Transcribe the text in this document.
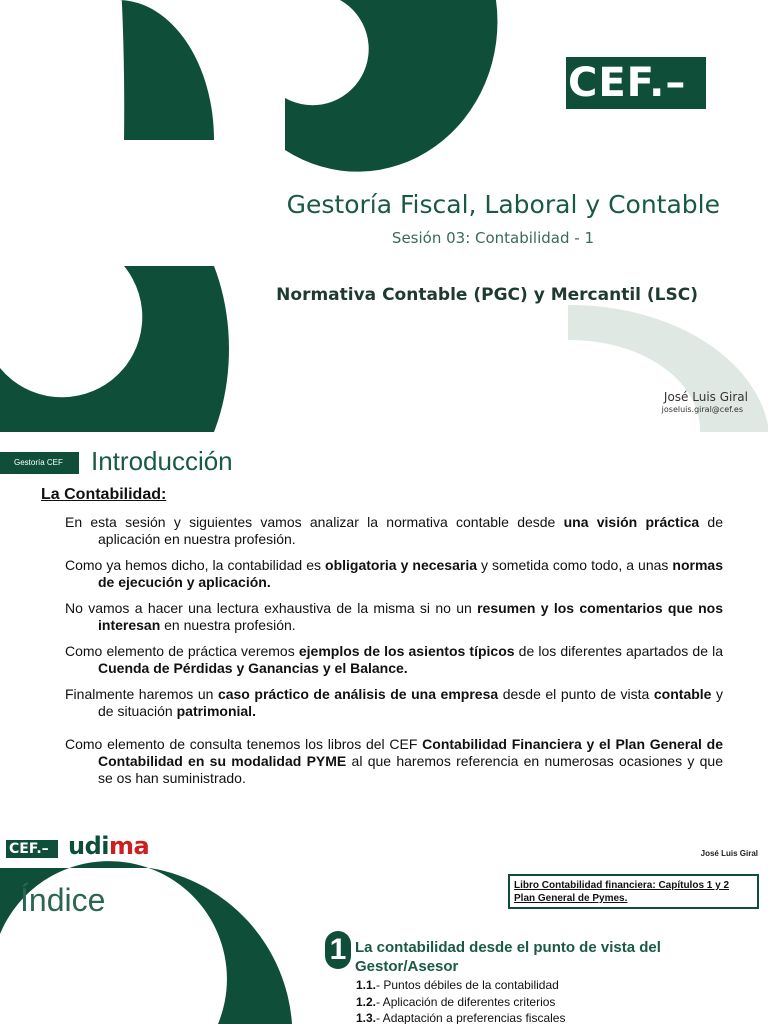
CEF.–
Gestoría Fiscal, Laboral y Contable
Sesión 03: Contabilidad - 1
Normativa Contable (PGC) y Mercantil (LSC)
José Luis Giral
joseluis.giral@cef.es
Gestoría CEF	Introducción
La Contabilidad:

En esta sesión y siguientes vamos analizar la normativa contable desde una visión práctica de aplicación en nuestra profesión.

Como ya hemos dicho, la contabilidad es obligatoria y necesaria y sometida como todo, a unas normas de ejecución y aplicación.

No vamos a hacer una lectura exhaustiva de la misma si no un resumen y los comentarios que nos interesan en nuestra profesión.

Como elemento de práctica veremos ejemplos de los asientos típicos de los diferentes apartados de la Cuenda de Pérdidas y Ganancias y el Balance.

Finalmente haremos un caso práctico de análisis de una empresa desde el punto de vista contable y de situación patrimonial.

Como elemento de consulta tenemos los libros del CEF Contabilidad Financiera y el Plan General de Contabilidad en su modalidad PYME al que haremos referencia en numerosas ocasiones y que se os han suministrado.

CEF.– udima	José Luis Giral
Índice	Libro Contabilidad financiera: Capítulos 1 y 2
Plan General de Pymes.
1 La contabilidad desde el punto de vista del Gestor/Asesor
1.1.- Puntos débiles de la contabilidad
1.2.- Aplicación de diferentes criterios
1.3.- Adaptación a preferencias fiscales
